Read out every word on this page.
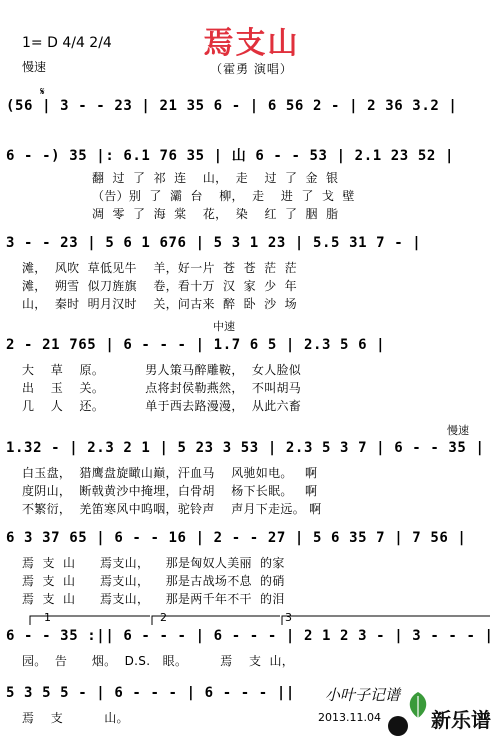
焉支山
1= D 4/4 2/4
慢速	（霍勇 演唱）
(56 | 3 - - 23 | 21 35 6 - | 6 56 2 - | 2 36 3.2 |
6 - -) 35 |: 6.1 76 35 | 山 6 - - 53 | 2.1 23 52 |
翻  过  了  祁  连    山，  走    过  了  金  银
（告）别  了  灞  台    柳，  走    进  了  戈  壁
凋  零  了  海  棠    花，  染    红  了  胭  脂
3 - - 23 | 5 6 1 676 | 5 3 1 23 | 5.5 31 7 - |
滩，  风吹  草低见牛    羊，好一片  苍  苍  茫  茫
滩，  朔雪  似刀旌旗    卷，看十万  汉  家  少  年
山，  秦时  明月汉时    关，问古来  醉  卧  沙  场
2 - 21 765 | 6 - - - | 1.7 6 5 | 2.3 5 6 |
大    草    原。          男人策马醉雕鞍，  女人脸似
出    玉    关。          点将封侯勒燕然，  不叫胡马
几    人    还。          单于西去路漫漫，  从此六畜
1.32 - | 2.3 2 1 | 5 23 3 53 | 2.3 5 3 7 | 6 - - 35 |
白玉盘，  猎鹰盘旋瞰山巅，汗血马    风驰如电。   啊
度阴山，  断戟黄沙中掩埋，白骨胡    杨下长眠。   啊
不繁衍，  羌笛寒风中呜咽，驼铃声    声月下走远。 啊
6 3 37 65 | 6 - - 16 | 2 - - 27 | 5 6 35 7 | 7 56 |
焉  支  山      焉支山，    那是匈奴人美丽  的家
焉  支  山      焉支山，    那是古战场不息  的硝
焉  支  山      焉支山，    那是两千年不干  的泪
6 - - 35 :|| 6 - - - | 6 - - - | 2 1 2 3 - | 3 - - - |
园。  告      烟。  D.S.   眼。        焉    支  山，
5 3 5 5 - | 6 - - - | 6 - - - ||
焉    支          山。
中速
慢速
1	2	3
𝄋
小叶子记谱
2013.11.04	新乐谱
